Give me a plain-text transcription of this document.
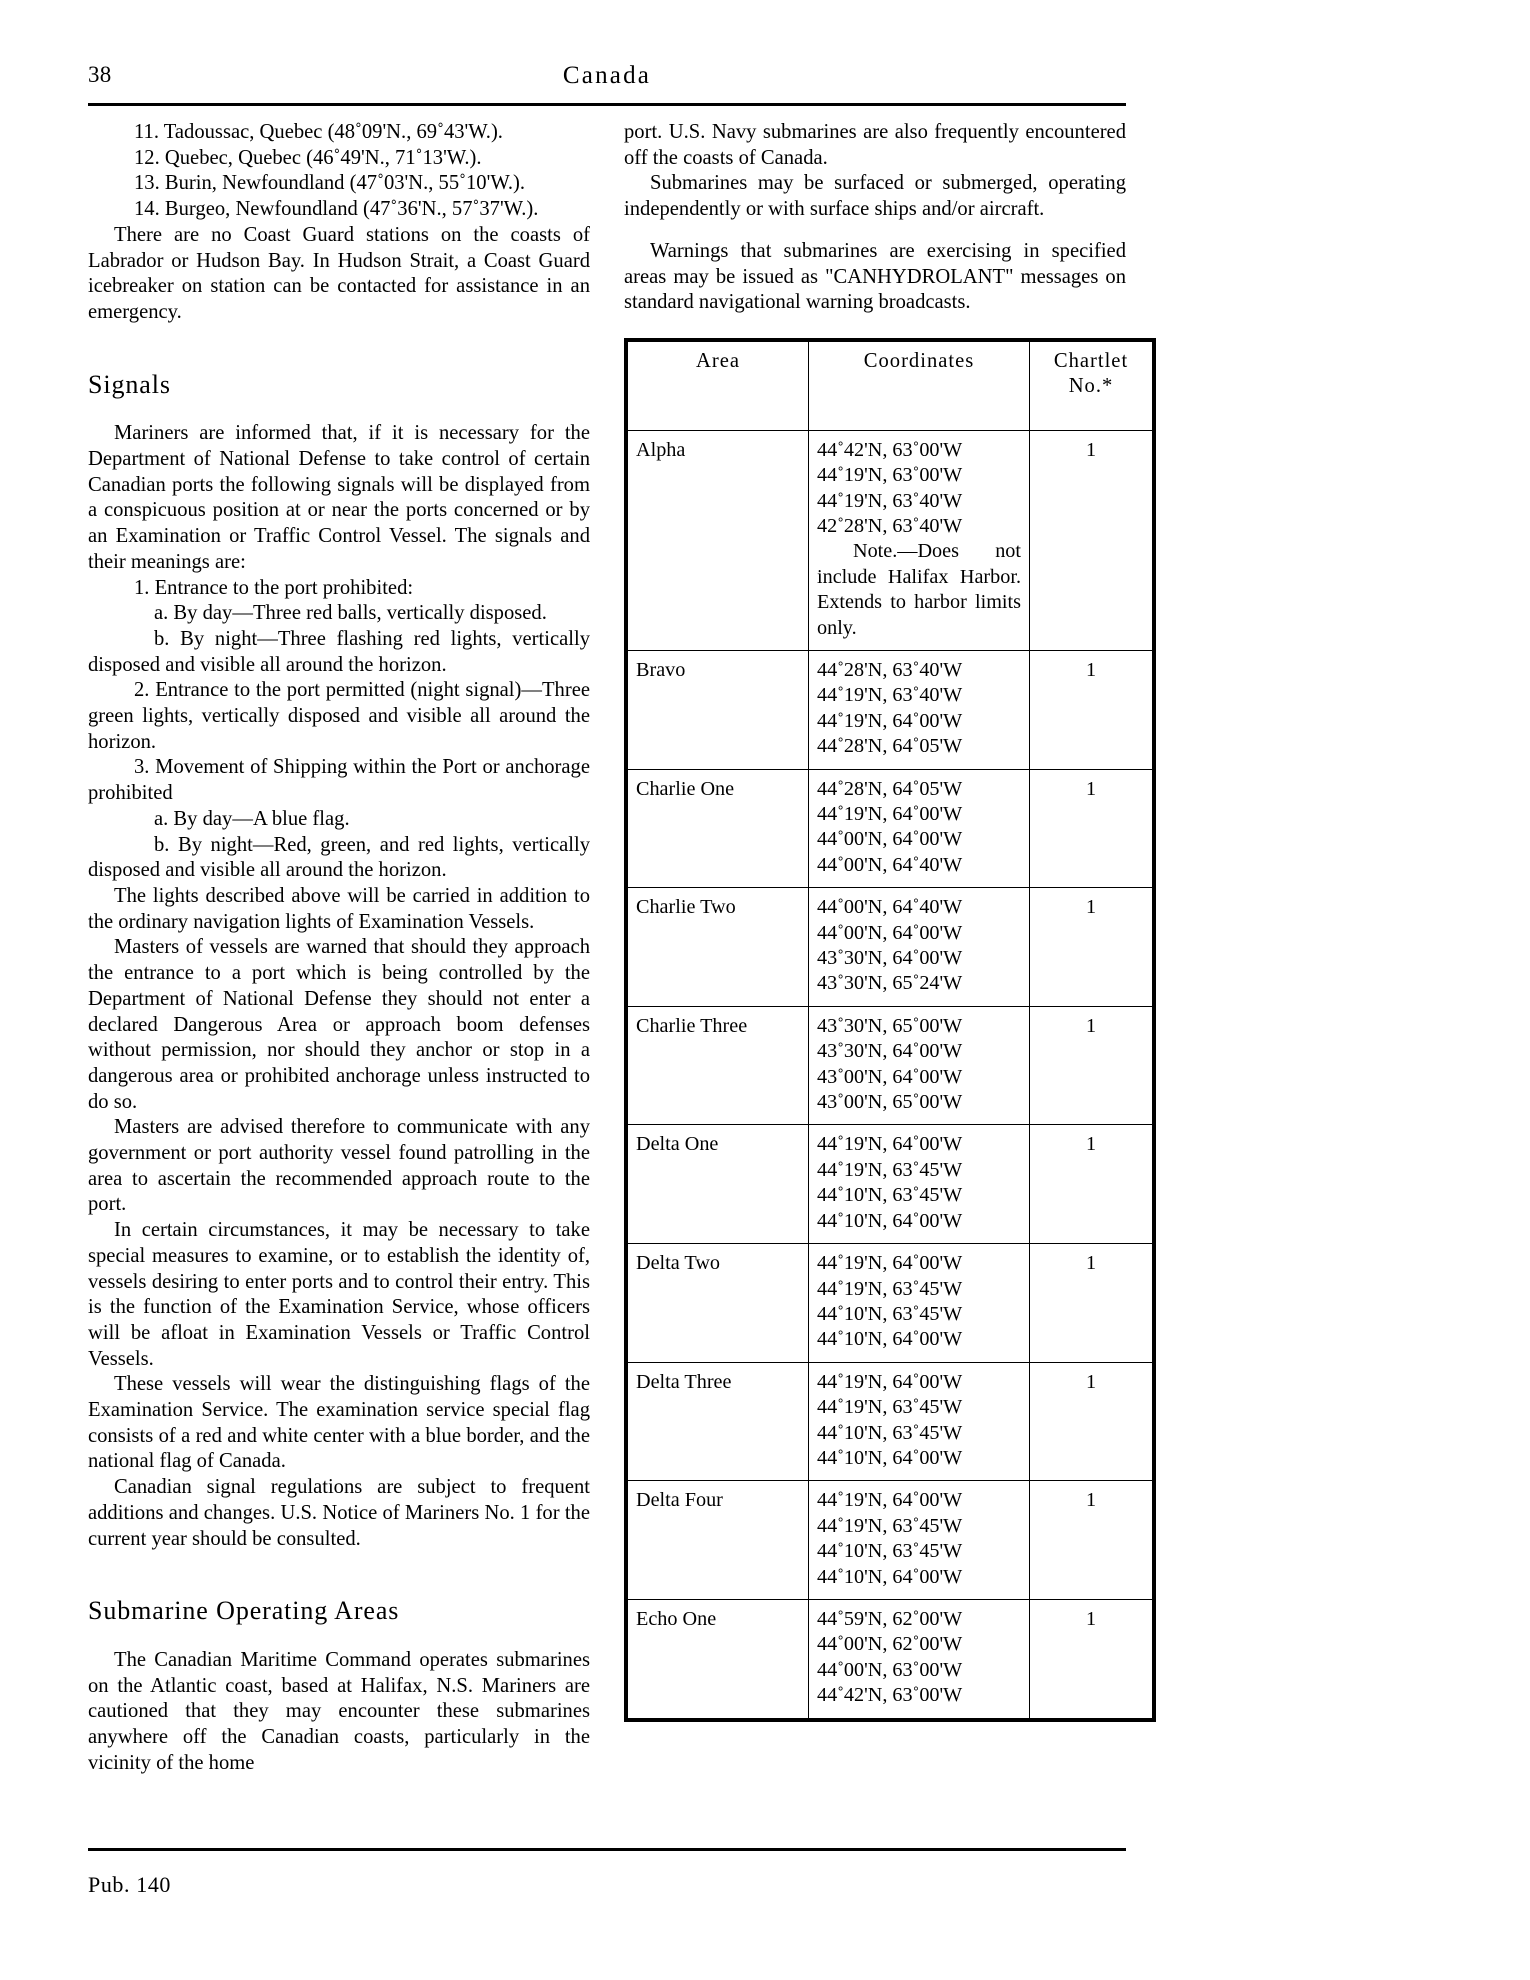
38	Canada

11. Tadoussac, Quebec (48˚09'N., 69˚43'W.).

12. Quebec, Quebec (46˚49'N., 71˚13'W.).

13. Burin, Newfoundland (47˚03'N., 55˚10'W.).

14. Burgeo, Newfoundland (47˚36'N., 57˚37'W.).

There are no Coast Guard stations on the coasts of Labrador or Hudson Bay. In Hudson Strait, a Coast Guard icebreaker on station can be contacted for assistance in an emergency.

Signals

Mariners are informed that, if it is necessary for the Department of National Defense to take control of certain Canadian ports the following signals will be displayed from a conspicuous position at or near the ports concerned or by an Examination or Traffic Control Vessel. The signals and their meanings are:

1. Entrance to the port prohibited:

a. By day—Three red balls, vertically disposed.

b. By night—Three flashing red lights, vertically disposed and visible all around the horizon.

2. Entrance to the port permitted (night signal)—Three green lights, vertically disposed and visible all around the horizon.

3. Movement of Shipping within the Port or anchorage prohibited

a. By day—A blue flag.

b. By night—Red, green, and red lights, vertically disposed and visible all around the horizon.

The lights described above will be carried in addition to the ordinary navigation lights of Examination Vessels.

Masters of vessels are warned that should they approach the entrance to a port which is being controlled by the Department of National Defense they should not enter a declared Dangerous Area or approach boom defenses without permission, nor should they anchor or stop in a dangerous area or prohibited anchorage unless instructed to do so.

Masters are advised therefore to communicate with any government or port authority vessel found patrolling in the area to ascertain the recommended approach route to the port.

In certain circumstances, it may be necessary to take special measures to examine, or to establish the identity of, vessels desiring to enter ports and to control their entry. This is the function of the Examination Service, whose officers will be afloat in Examination Vessels or Traffic Control Vessels.

These vessels will wear the distinguishing flags of the Examination Service. The examination service special flag consists of a red and white center with a blue border, and the national flag of Canada.

Canadian signal regulations are subject to frequent additions and changes. U.S. Notice of Mariners No. 1 for the current year should be consulted.

Submarine Operating Areas

The Canadian Maritime Command operates submarines on the Atlantic coast, based at Halifax, N.S. Mariners are cautioned that they may encounter these submarines anywhere off the Canadian coasts, particularly in the vicinity of the home

port. U.S. Navy submarines are also frequently encountered off the coasts of Canada.

Submarines may be surfaced or submerged, operating independently or with surface ships and/or aircraft.

Warnings that submarines are exercising in specified areas may be issued as "CANHYDROLANT" messages on standard navigational warning broadcasts.

Area	Coordinates	Chartlet No.*
Alpha	44˚42'N, 63˚00'W
44˚19'N, 63˚00'W
44˚19'N, 63˚40'W
42˚28'N, 63˚40'W
Note.—Does not include Halifax Harbor. Extends to harbor limits only.	1
Bravo	44˚28'N, 63˚40'W
44˚19'N, 63˚40'W
44˚19'N, 64˚00'W
44˚28'N, 64˚05'W	1
Charlie One	44˚28'N, 64˚05'W
44˚19'N, 64˚00'W
44˚00'N, 64˚00'W
44˚00'N, 64˚40'W	1
Charlie Two	44˚00'N, 64˚40'W
44˚00'N, 64˚00'W
43˚30'N, 64˚00'W
43˚30'N, 65˚24'W	1
Charlie Three	43˚30'N, 65˚00'W
43˚30'N, 64˚00'W
43˚00'N, 64˚00'W
43˚00'N, 65˚00'W	1
Delta One	44˚19'N, 64˚00'W
44˚19'N, 63˚45'W
44˚10'N, 63˚45'W
44˚10'N, 64˚00'W	1
Delta Two	44˚19'N, 64˚00'W
44˚19'N, 63˚45'W
44˚10'N, 63˚45'W
44˚10'N, 64˚00'W	1
Delta Three	44˚19'N, 64˚00'W
44˚19'N, 63˚45'W
44˚10'N, 63˚45'W
44˚10'N, 64˚00'W	1
Delta Four	44˚19'N, 64˚00'W
44˚19'N, 63˚45'W
44˚10'N, 63˚45'W
44˚10'N, 64˚00'W	1
Echo One	44˚59'N, 62˚00'W
44˚00'N, 62˚00'W
44˚00'N, 63˚00'W
44˚42'N, 63˚00'W	1
Pub. 140
